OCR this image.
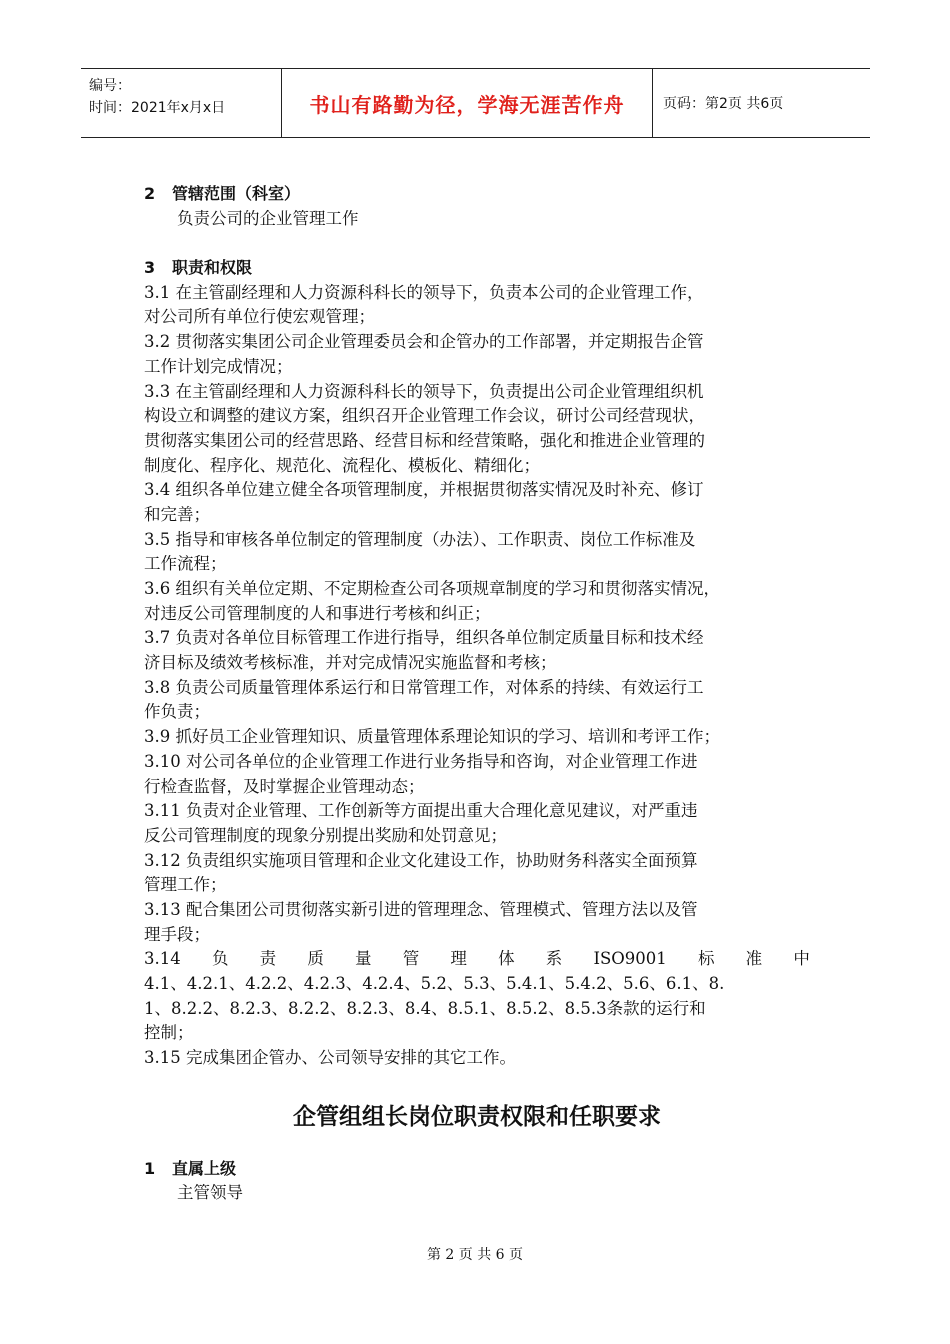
编号：
时间：2021年x月x日	书山有路勤为径，学海无涯苦作舟	页码：第2页 共6页
2 管辖范围（科室）
负责公司的企业管理工作
3 职责和权限
3.1 在主管副经理和人力资源科科长的领导下，负责本公司的企业管理工作，
对公司所有单位行使宏观管理；
3.2 贯彻落实集团公司企业管理委员会和企管办的工作部署，并定期报告企管
工作计划完成情况；
3.3 在主管副经理和人力资源科科长的领导下，负责提出公司企业管理组织机
构设立和调整的建议方案，组织召开企业管理工作会议，研讨公司经营现状，
贯彻落实集团公司的经营思路、经营目标和经营策略，强化和推进企业管理的
制度化、程序化、规范化、流程化、模板化、精细化；
3.4 组织各单位建立健全各项管理制度，并根据贯彻落实情况及时补充、修订
和完善；
3.5 指导和审核各单位制定的管理制度（办法）、工作职责、岗位工作标准及
工作流程；
3.6 组织有关单位定期、不定期检查公司各项规章制度的学习和贯彻落实情况，
对违反公司管理制度的人和事进行考核和纠正；
3.7 负责对各单位目标管理工作进行指导，组织各单位制定质量目标和技术经
济目标及绩效考核标准，并对完成情况实施监督和考核；
3.8 负责公司质量管理体系运行和日常管理工作，对体系的持续、有效运行工
作负责；
3.9 抓好员工企业管理知识、质量管理体系理论知识的学习、培训和考评工作；
3.10 对公司各单位的企业管理工作进行业务指导和咨询，对企业管理工作进
行检查监督，及时掌握企业管理动态；
3.11 负责对企业管理、工作创新等方面提出重大合理化意见建议，对严重违
反公司管理制度的现象分别提出奖励和处罚意见；
3.12 负责组织实施项目管理和企业文化建设工作，协助财务科落实全面预算
管理工作；
3.13 配合集团公司贯彻落实新引进的管理理念、管理模式、管理方法以及管
理手段；
3.14 负 责 质 量 管 理 体 系 ISO9001 标 准 中
4.1、4.2.1、4.2.2、4.2.3、4.2.4、5.2、5.3、5.4.1、5.4.2、5.6、6.1、8.
1、8.2.2、8.2.3、8.2.2、8.2.3、8.4、8.5.1、8.5.2、8.5.3条款的运行和
控制；
3.15 完成集团企管办、公司领导安排的其它工作。
企管组组长岗位职责权限和任职要求
1 直属上级
主管领导
第 2 页 共 6 页
